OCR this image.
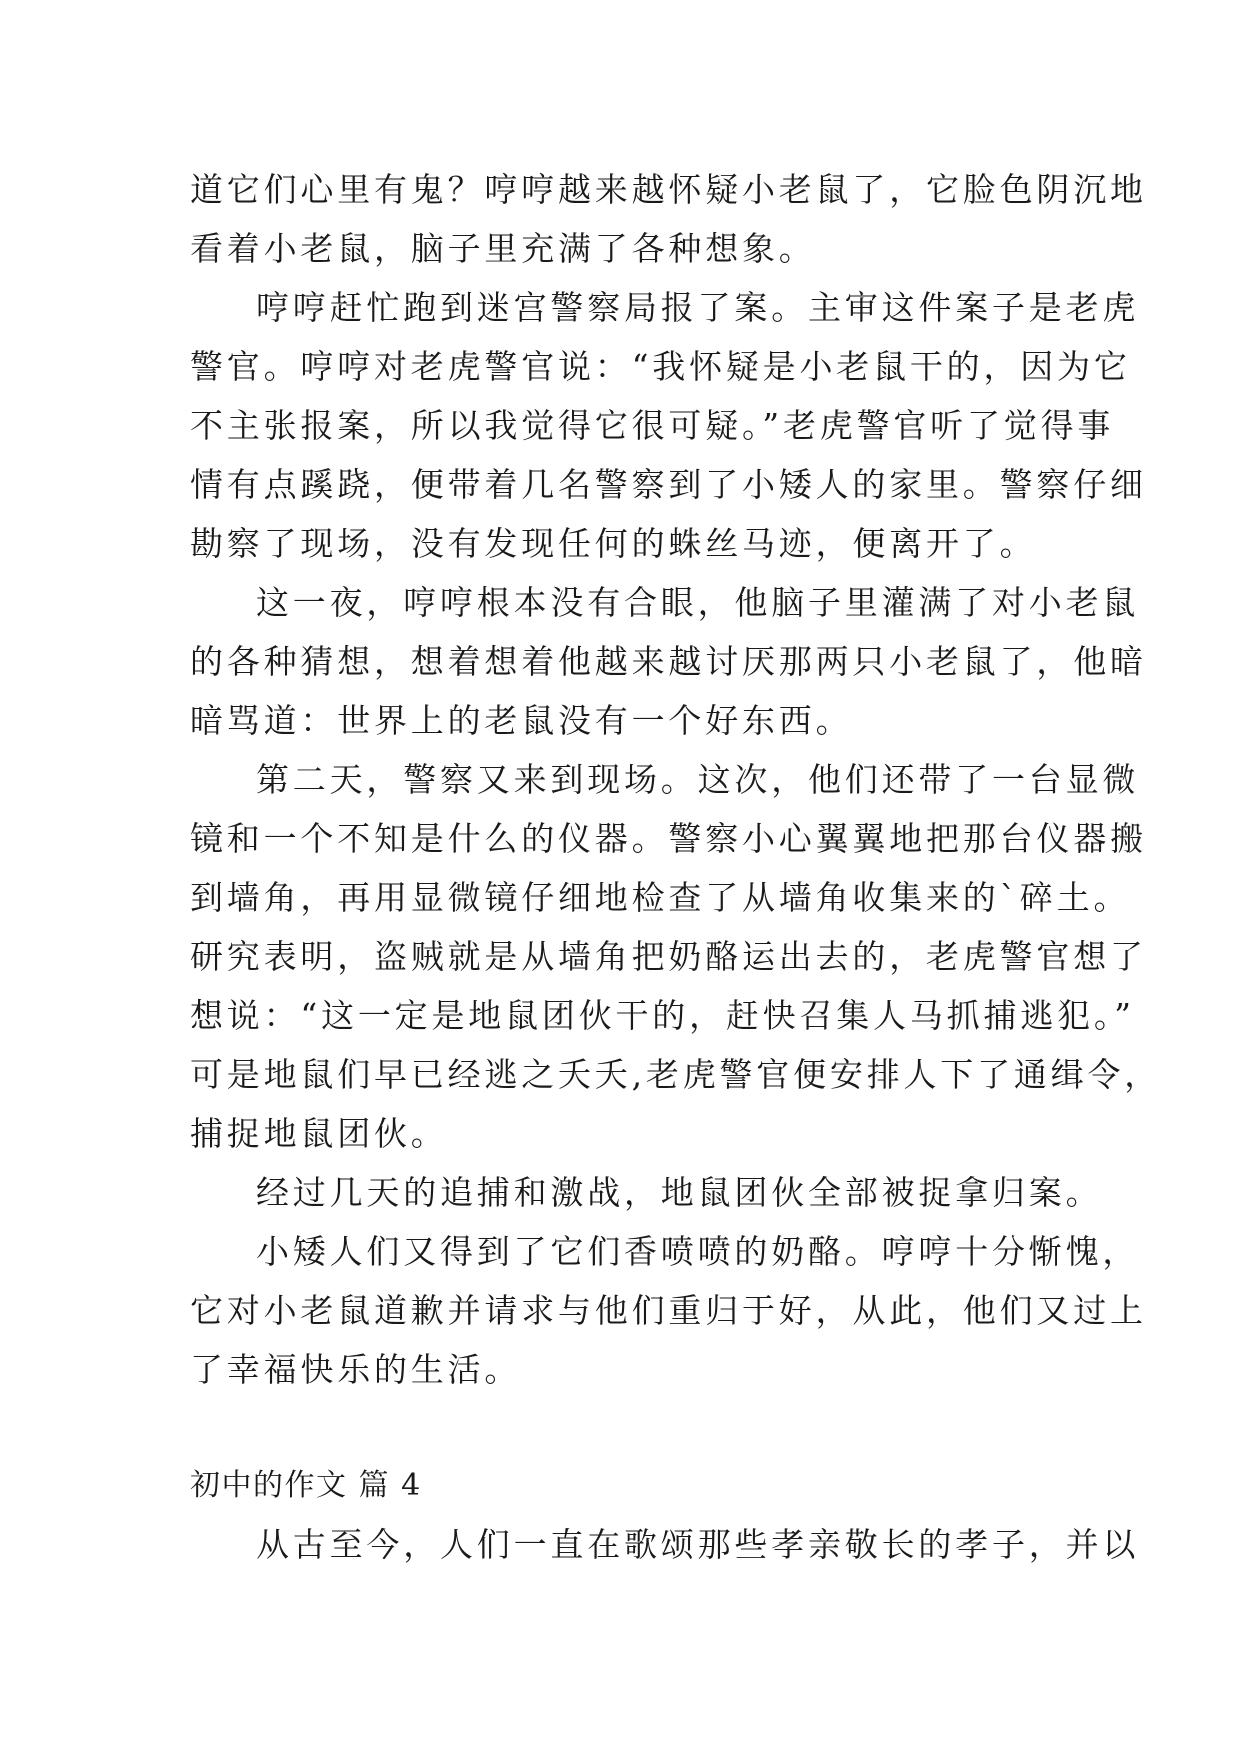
道它们心里有鬼？哼哼越来越怀疑小老鼠了，它脸色阴沉地
看着小老鼠，脑子里充满了各种想象。
哼哼赶忙跑到迷宫警察局报了案。主审这件案子是老虎
警官。哼哼对老虎警官说：“我怀疑是小老鼠干的，因为它
不主张报案，所以我觉得它很可疑。”老虎警官听了觉得事
情有点蹊跷，便带着几名警察到了小矮人的家里。警察仔细
勘察了现场，没有发现任何的蛛丝马迹，便离开了。
这一夜，哼哼根本没有合眼，他脑子里灌满了对小老鼠
的各种猜想，想着想着他越来越讨厌那两只小老鼠了，他暗
暗骂道：世界上的老鼠没有一个好东西。
第二天，警察又来到现场。这次，他们还带了一台显微
镜和一个不知是什么的仪器。警察小心翼翼地把那台仪器搬
到墙角，再用显微镜仔细地检查了从墙角收集来的`碎土。
研究表明，盗贼就是从墙角把奶酪运出去的，老虎警官想了
想说：“这一定是地鼠团伙干的，赶快召集人马抓捕逃犯。”
可是地鼠们早已经逃之夭夭,老虎警官便安排人下了通缉令，
捕捉地鼠团伙。
经过几天的追捕和激战，地鼠团伙全部被捉拿归案。
小矮人们又得到了它们香喷喷的奶酪。哼哼十分惭愧，
它对小老鼠道歉并请求与他们重归于好，从此，他们又过上
了幸福快乐的生活。
初中的作文 篇 4
从古至今，人们一直在歌颂那些孝亲敬长的孝子，并以
